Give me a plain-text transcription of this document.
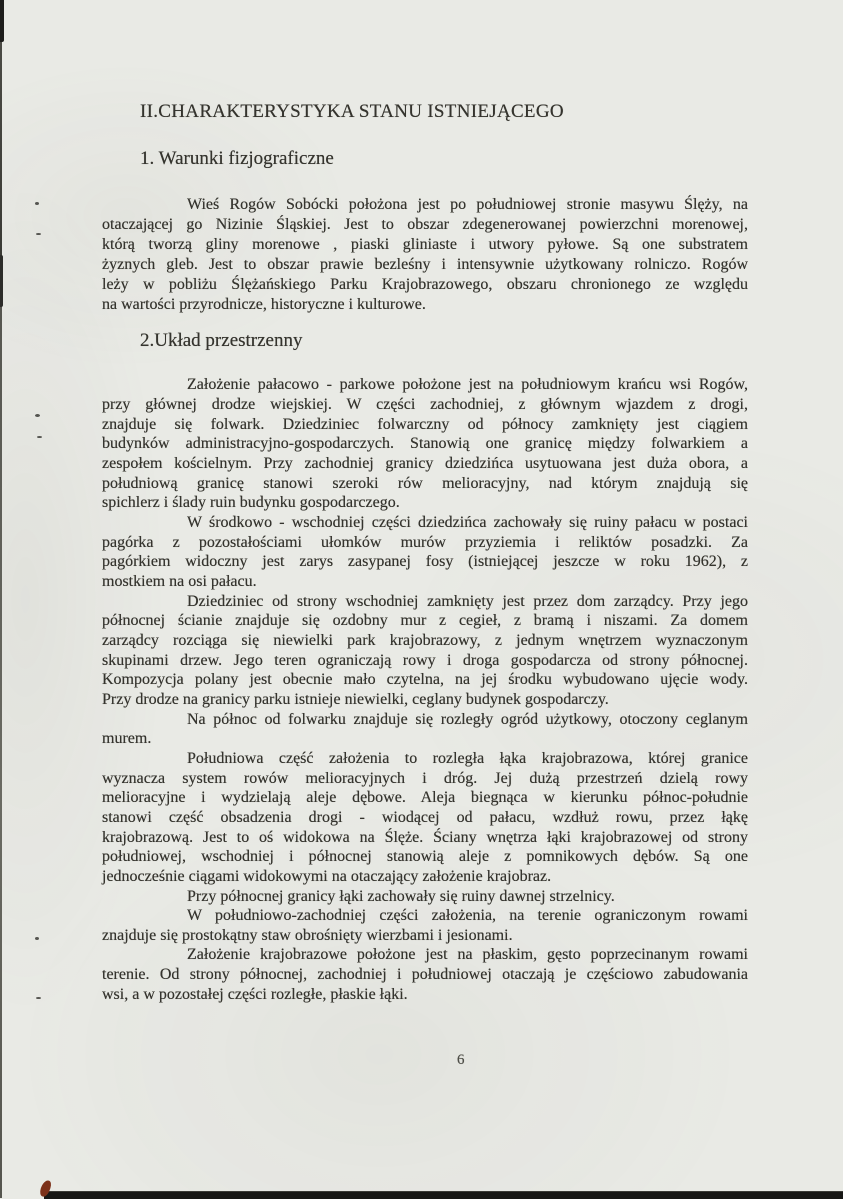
II.CHARAKTERYSTYKA STANU ISTNIEJĄCEGO
1. Warunki fizjograficzne
Wieś Rogów Sobócki położona jest po południowej stronie masywu Ślęży, na
otaczającej go Nizinie Śląskiej. Jest to obszar zdegenerowanej powierzchni morenowej,
którą tworzą gliny morenowe , piaski gliniaste i utwory pyłowe. Są one substratem
żyznych gleb. Jest to obszar prawie bezleśny i intensywnie użytkowany rolniczo. Rogów
leży w pobliżu Ślężańskiego Parku Krajobrazowego, obszaru chronionego ze względu
na wartości przyrodnicze, historyczne i kulturowe.
2.Układ przestrzenny
Założenie pałacowo - parkowe położone jest na południowym krańcu wsi Rogów,
przy głównej drodze wiejskiej. W części zachodniej, z głównym wjazdem z drogi,
znajduje się folwark. Dziedziniec folwarczny od północy zamknięty jest ciągiem
budynków administracyjno-gospodarczych. Stanowią one granicę między folwarkiem a
zespołem kościelnym. Przy zachodniej granicy dziedzińca usytuowana jest duża obora, a
południową granicę stanowi szeroki rów melioracyjny, nad którym znajdują się
spichlerz i ślady ruin budynku gospodarczego.
W środkowo - wschodniej części dziedzińca zachowały się ruiny pałacu w postaci
pagórka z pozostałościami ułomków murów przyziemia i reliktów posadzki. Za
pagórkiem widoczny jest zarys zasypanej fosy (istniejącej jeszcze w roku 1962), z
mostkiem na osi pałacu.
Dziedziniec od strony wschodniej zamknięty jest przez dom zarządcy. Przy jego
północnej ścianie znajduje się ozdobny mur z cegieł, z bramą i niszami. Za domem
zarządcy rozciąga się niewielki park krajobrazowy, z jednym wnętrzem wyznaczonym
skupinami drzew. Jego teren ograniczają rowy i droga gospodarcza od strony północnej.
Kompozycja polany jest obecnie mało czytelna, na jej środku wybudowano ujęcie wody.
Przy drodze na granicy parku istnieje niewielki, ceglany budynek gospodarczy.
Na północ od folwarku znajduje się rozległy ogród użytkowy, otoczony ceglanym
murem.
Południowa część założenia to rozległa łąka krajobrazowa, której granice
wyznacza system rowów melioracyjnych i dróg. Jej dużą przestrzeń dzielą rowy
melioracyjne i wydzielają aleje dębowe. Aleja biegnąca w kierunku północ-południe
stanowi część obsadzenia drogi - wiodącej od pałacu, wzdłuż rowu, przez łąkę
krajobrazową. Jest to oś widokowa na Ślęże. Ściany wnętrza łąki krajobrazowej od strony
południowej, wschodniej i północnej stanowią aleje z pomnikowych dębów. Są one
jednocześnie ciągami widokowymi na otaczający założenie krajobraz.
Przy północnej granicy łąki zachowały się ruiny dawnej strzelnicy.
W południowo-zachodniej części założenia, na terenie ograniczonym rowami
znajduje się prostokątny staw obrośnięty wierzbami i jesionami.
Założenie krajobrazowe położone jest na płaskim, gęsto poprzecinanym rowami
terenie. Od strony północnej, zachodniej i południowej otaczają je częściowo zabudowania
wsi, a w pozostałej części rozległe, płaskie łąki.
6
